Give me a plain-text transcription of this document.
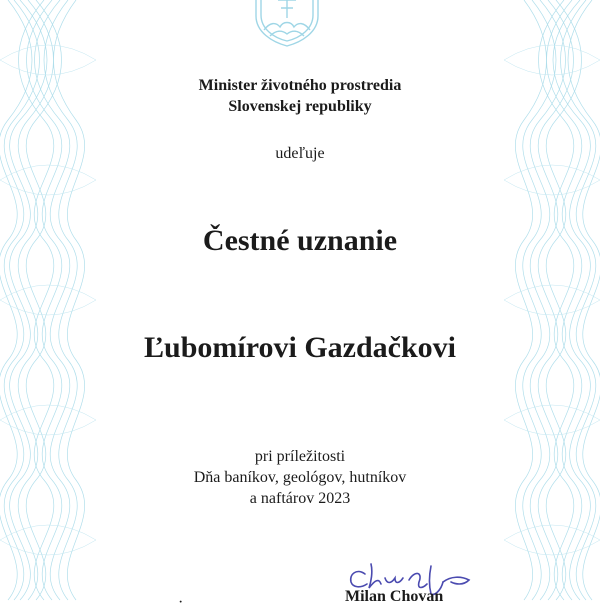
Minister životného prostredia
Slovenskej republiky
udeľuje
Čestné uznanie
Ľubomírovi Gazdačkovi
pri príležitosti
Dňa baníkov, geológov, hutníkov
a naftárov 2023
·	Milan Chovan
